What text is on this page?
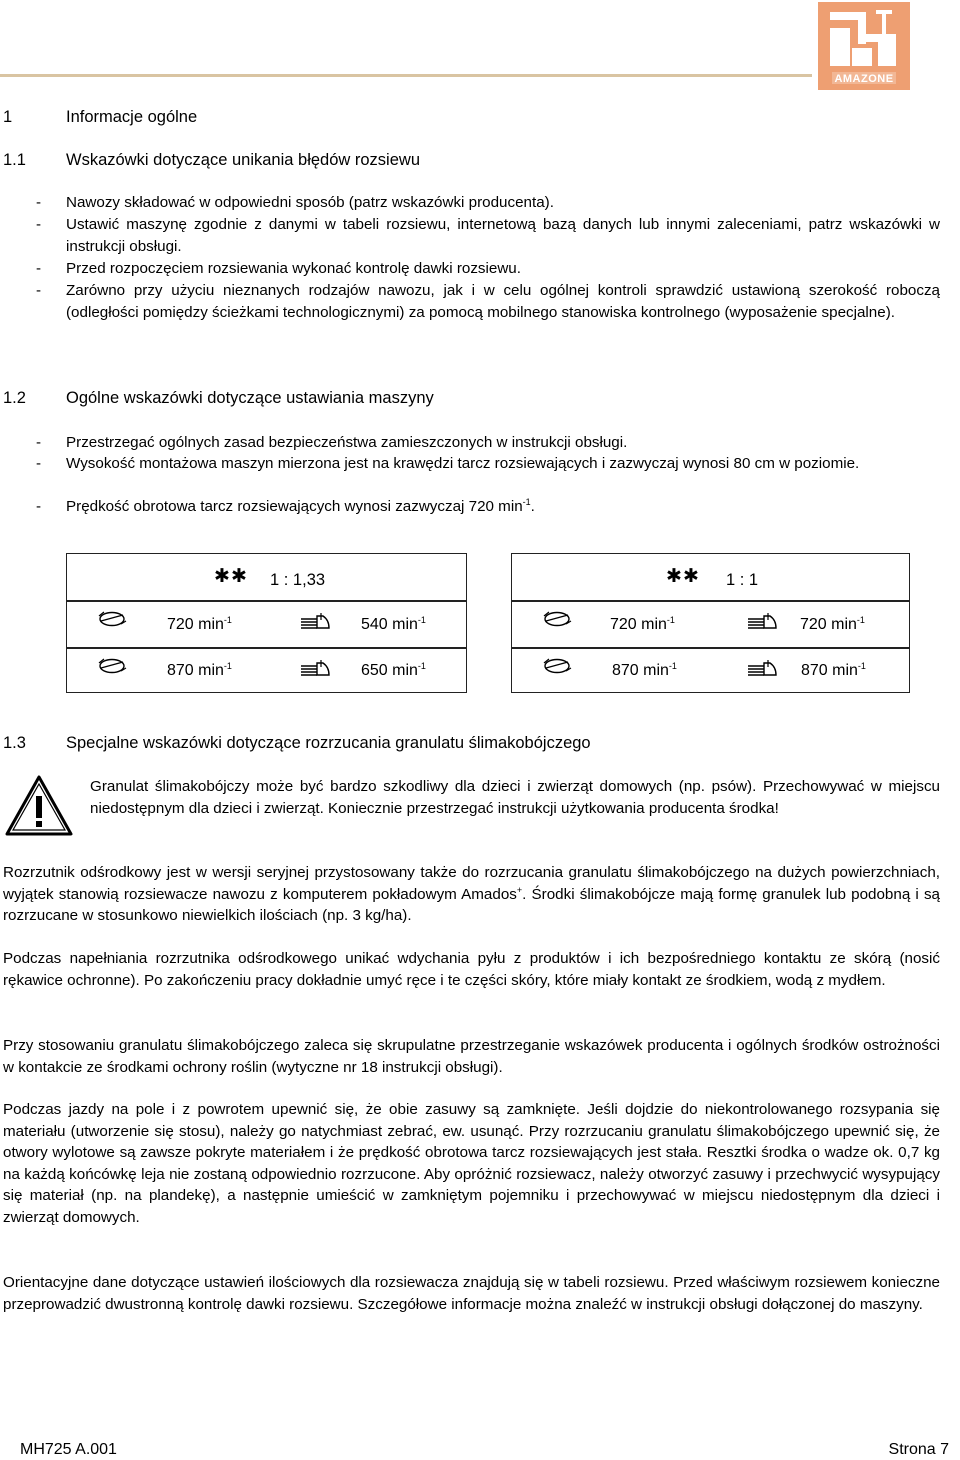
AMAZONE
1	Informacje ogólne
1.1 Wskazówki dotyczące unikania błędów rozsiewu
- Nawozy składować w odpowiedni sposób (patrz wskazówki producenta).
- Ustawić maszynę zgodnie z danymi w tabeli rozsiewu, internetową bazą danych lub innymi zaleceniami, patrz wskazówki w instrukcji obsługi.
- Przed rozpoczęciem rozsiewania wykonać kontrolę dawki rozsiewu.
- Zarówno przy użyciu nieznanych rodzajów nawozu, jak i w celu ogólnej kontroli sprawdzić ustawioną szerokość roboczą (odległości pomiędzy ścieżkami technologicznymi) za pomocą mobilnego stanowiska kontrolnego (wyposażenie specjalne).
1.2 Ogólne wskazówki dotyczące ustawiania maszyny
- Przestrzegać ogólnych zasad bezpieczeństwa zamieszczonych w instrukcji obsługi.
- Wysokość montażowa maszyn mierzona jest na krawędzi tarcz rozsiewających i zazwyczaj wynosi 80 cm w poziomie.
- Prędkość obrotowa tarcz rozsiewających wynosi zazwyczaj 720 $\min^{-1}$.
1 : 1,33
720 $\min^{-1}$	540 $\min^{-1}$
870 $\min^{-1}$	650 $\min^{-1}$
1 : 1
720 $\min^{-1}$	720 $\min^{-1}$
870 $\min^{-1}$	870 $\min^{-1}$
1.3 Specjalne wskazówki dotyczące rozrzucania granulatu ślimakobójczego
Granulat ślimakobójczy może być bardzo szkodliwy dla dzieci i zwierząt domowych (np. psów). Przechowywać w miejscu niedostępnym dla dzieci i zwierząt. Koniecznie przestrzegać instrukcji użytkowania producenta środka!
Rozrzutnik odśrodkowy jest w wersji seryjnej przystosowany także do rozrzucania granulatu ślimakobójczego na dużych powierzchniach, wyjątek stanowią rozsiewacze nawozu z komputerem pokładowym Amados+. Środki ślimakobójcze mają formę granulek lub podobną i są rozrzucane w stosunkowo niewielkich ilościach (np. 3 kg/ha).
Podczas napełniania rozrzutnika odśrodkowego unikać wdychania pyłu z produktów i ich bezpośredniego kontaktu ze skórą (nosić rękawice ochronne). Po zakończeniu pracy dokładnie umyć ręce i te części skóry, które miały kontakt ze środkiem, wodą z mydłem.
Przy stosowaniu granulatu ślimakobójczego zaleca się skrupulatne przestrzeganie wskazówek producenta i ogólnych środków ostrożności w kontakcie ze środkami ochrony roślin (wytyczne nr 18 instrukcji obsługi).
Podczas jazdy na pole i z powrotem upewnić się, że obie zasuwy są zamknięte. Jeśli dojdzie do niekontrolowanego rozsypania się materiału (utworzenie się stosu), należy go natychmiast zebrać, ew. usunąć. Przy rozrzucaniu granulatu ślimakobójczego upewnić się, że otwory wylotowe są zawsze pokryte materiałem i że prędkość obrotowa tarcz rozsiewających jest stała. Resztki środka o wadze ok. 0,7 kg na każdą końcówkę leja nie zostaną odpowiednio rozrzucone. Aby opróżnić rozsiewacz, należy otworzyć zasuwy i przechwycić wysypujący się materiał (np. na plandekę), a następnie umieścić w zamkniętym pojemniku i przechowywać w miejscu niedostępnym dla dzieci i zwierząt domowych.
Orientacyjne dane dotyczące ustawień ilościowych dla rozsiewacza znajdują się w tabeli rozsiewu. Przed właściwym rozsiewem konieczne przeprowadzić dwustronną kontrolę dawki rozsiewu. Szczegółowe informacje można znaleźć w instrukcji obsługi dołączonej do maszyny.
MH725 A.001	Strona 7
